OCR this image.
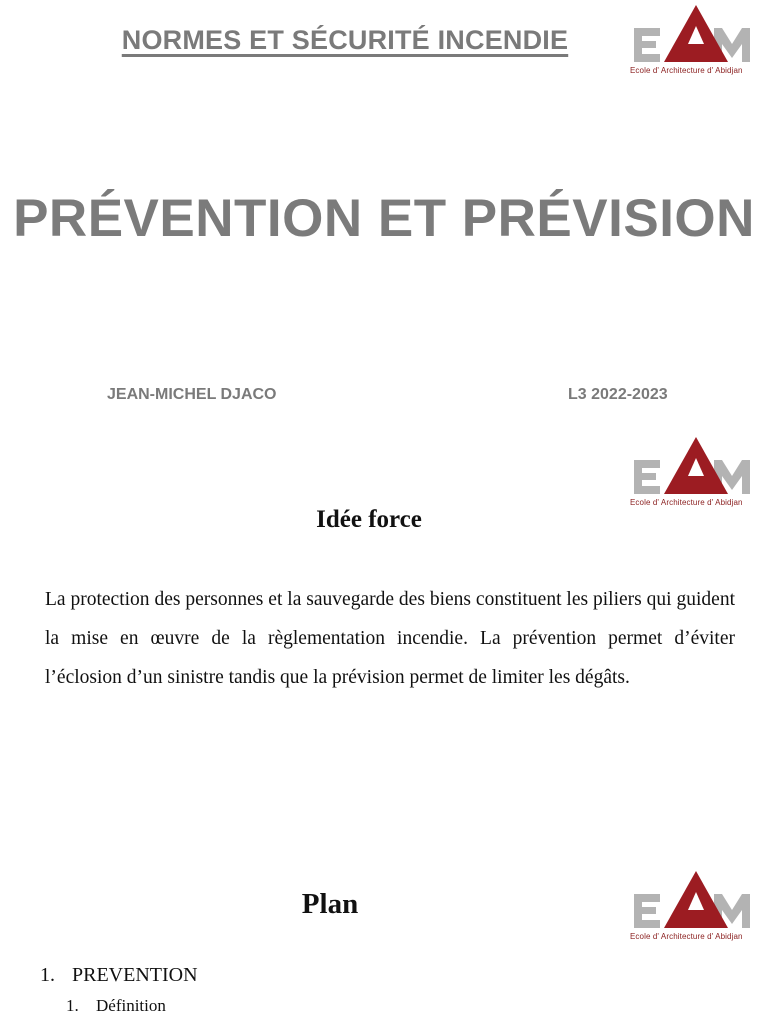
NORMES ET SÉCURITÉ INCENDIE
Ecole d' Architecture d' Abidjan
PRÉVENTION ET PRÉVISION
JEAN-MICHEL DJACO	L3 2022-2023
Ecole d' Architecture d' Abidjan
Idée force
La protection des personnes et la sauvegarde des biens constituent les piliers qui guident la mise en œuvre de la règlementation incendie. La prévention permet d’éviter l’éclosion d’un sinistre tandis que la prévision permet de limiter les dégâts.
Plan
Ecole d' Architecture d' Abidjan
1. PREVENTION
1.	Définition
